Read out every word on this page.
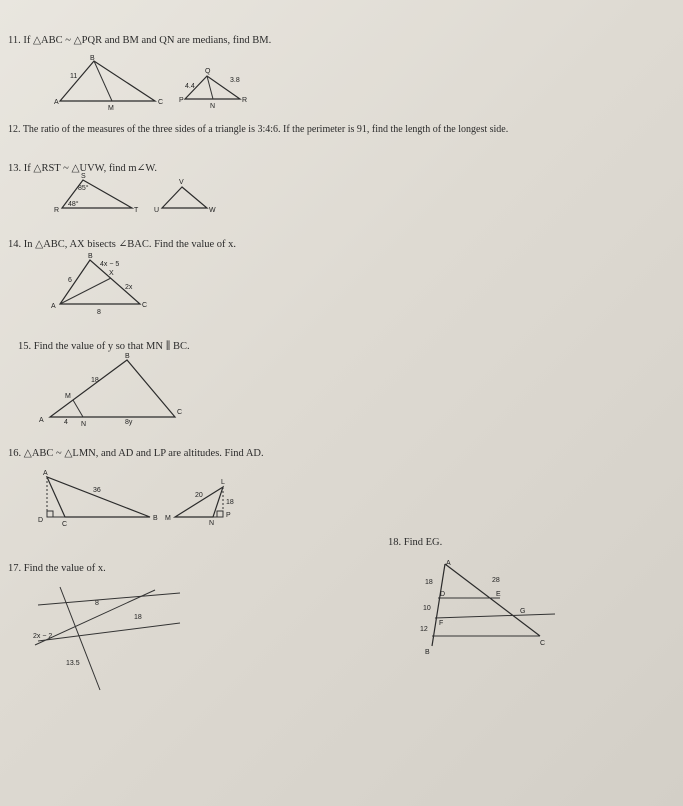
11. If △ABC ~ △PQR and BM and QN are medians, find BM.
B
A	C
M
11
Q
P	R
N
4.4
3.8
12. The ratio of the measures of the three sides of a triangle is 3:4:6. If the perimeter is 91, find the length of the longest side.
13. If △RST ~ △UVW, find m∠W.
S
R	T
85°
48°
V
U	W
14. In △ABC, AX bisects ∠BAC. Find the value of x.
B
A	C
X
4x − 5
2x
6
8
15. Find the value of y so that MN ∥ BC.
B
A
C
M
N
18
4	8y
16. △ABC ~ △LMN, and AD and LP are altitudes. Find AD.
A
D
C
B
36
L
M
N
P
20
18
17. Find the value of x.
8
18
2x − 2
13.5
18. Find EG.
A
D	E
F
G
B
C
18	28
10
12
